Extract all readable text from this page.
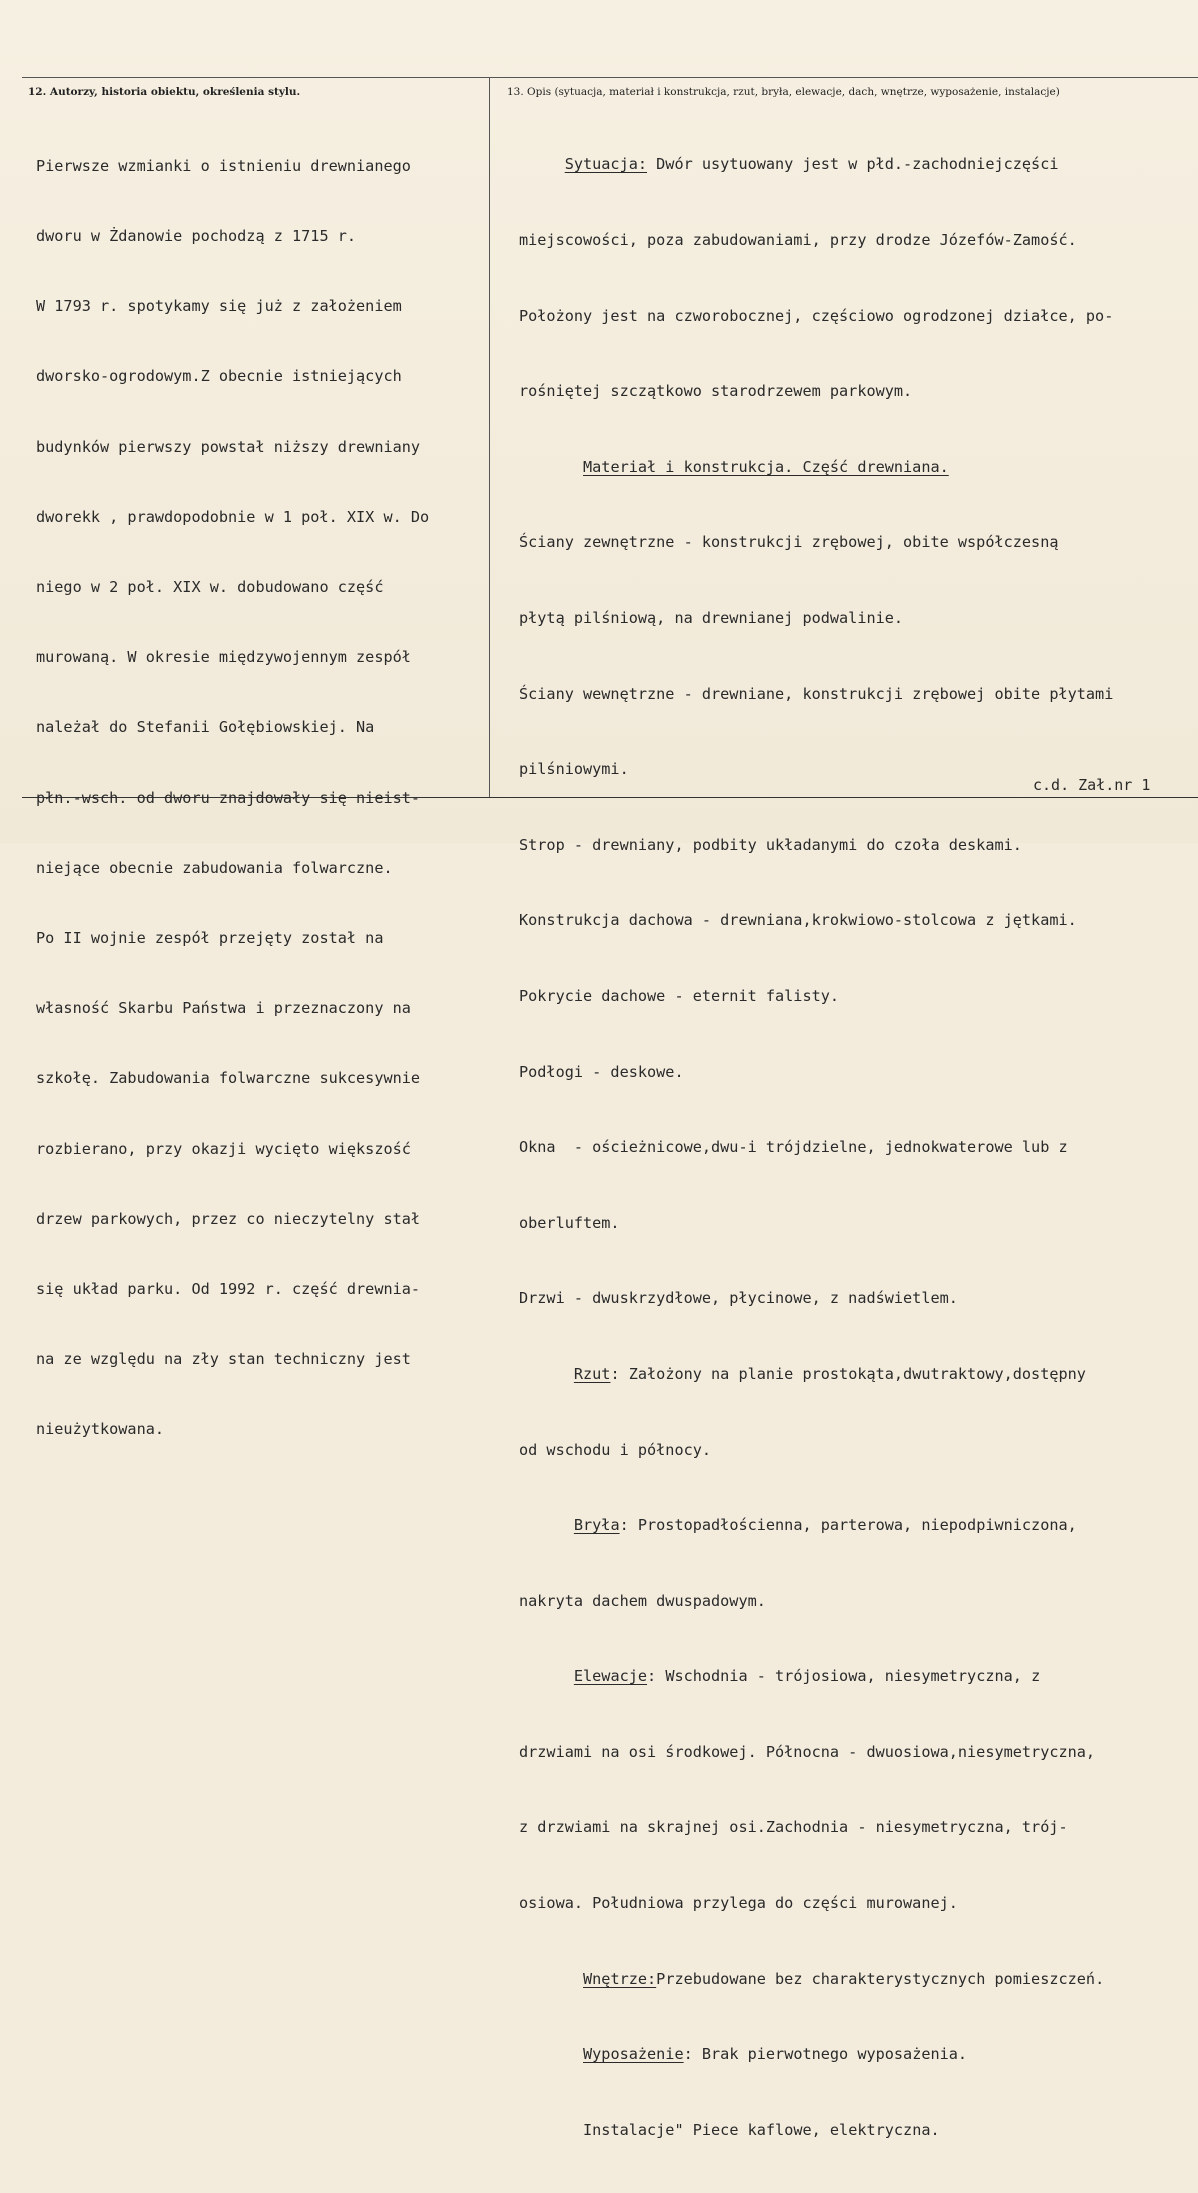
12. Autorzy, historia obiektu, określenia stylu.	13. Opis (sytuacja, materiał i konstrukcja, rzut, bryła, elewacje, dach, wnętrze, wyposażenie, instalacje)

Pierwsze wzmianki o istnieniu drewnianego

dworu w Żdanowie pochodzą z 1715 r.

W 1793 r. spotykamy się już z założeniem

dworsko-ogrodowym.Z obecnie istniejących

budynków pierwszy powstał niższy drewniany

dworekk , prawdopodobnie w 1 poł. XIX w. Do

niego w 2 poł. XIX w. dobudowano część

murowaną. W okresie międzywojennym zespół

należał do Stefanii Gołębiowskiej. Na

płn.-wsch. od dworu znajdowały się nieist-

niejące obecnie zabudowania folwarczne.

Po II wojnie zespół przejęty został na

własność Skarbu Państwa i przeznaczony na

szkołę. Zabudowania folwarczne sukcesywnie

rozbierano, przy okazji wycięto większość

drzew parkowych, przez co nieczytelny stał

się układ parku. Od 1992 r. część drewnia-

na ze względu na zły stan techniczny jest

nieużytkowana.

Sytuacja: Dwór usytuowany jest w płd.-zachodniejczęści

miejscowości, poza zabudowaniami, przy drodze Józefów-Zamość.

Położony jest na czworobocznej, częściowo ogrodzonej działce, po-

rośniętej szczątkowo starodrzewem parkowym.

Materiał i konstrukcja. Część drewniana.

Ściany zewnętrzne - konstrukcji zrębowej, obite współczesną

płytą pilśniową, na drewnianej podwalinie.

Ściany wewnętrzne - drewniane, konstrukcji zrębowej obite płytami

pilśniowymi.

Strop - drewniany, podbity układanymi do czoła deskami.

Konstrukcja dachowa - drewniana,krokwiowo-stolcowa z jętkami.

Pokrycie dachowe - eternit falisty.

Podłogi - deskowe.

Okna  - ościeżnicowe,dwu-i trójdzielne, jednokwaterowe lub z

oberluftem.

Drzwi - dwuskrzydłowe, płycinowe, z nadświetlem.

Rzut: Założony na planie prostokąta,dwutraktowy,dostępny

od wschodu i północy.

Bryła: Prostopadłościenna, parterowa, niepodpiwniczona,

nakryta dachem dwuspadowym.

Elewacje: Wschodnia - trójosiowa, niesymetryczna, z

drzwiami na osi środkowej. Północna - dwuosiowa,niesymetryczna,

z drzwiami na skrajnej osi.Zachodnia - niesymetryczna, trój-

osiowa. Południowa przylega do części murowanej.

Wnętrze:Przebudowane bez charakterystycznych pomieszczeń.

Wyposażenie: Brak pierwotnego wyposażenia.

Instalacje" Piece kaflowe, elektryczna.

c.d. Zał.nr 1
